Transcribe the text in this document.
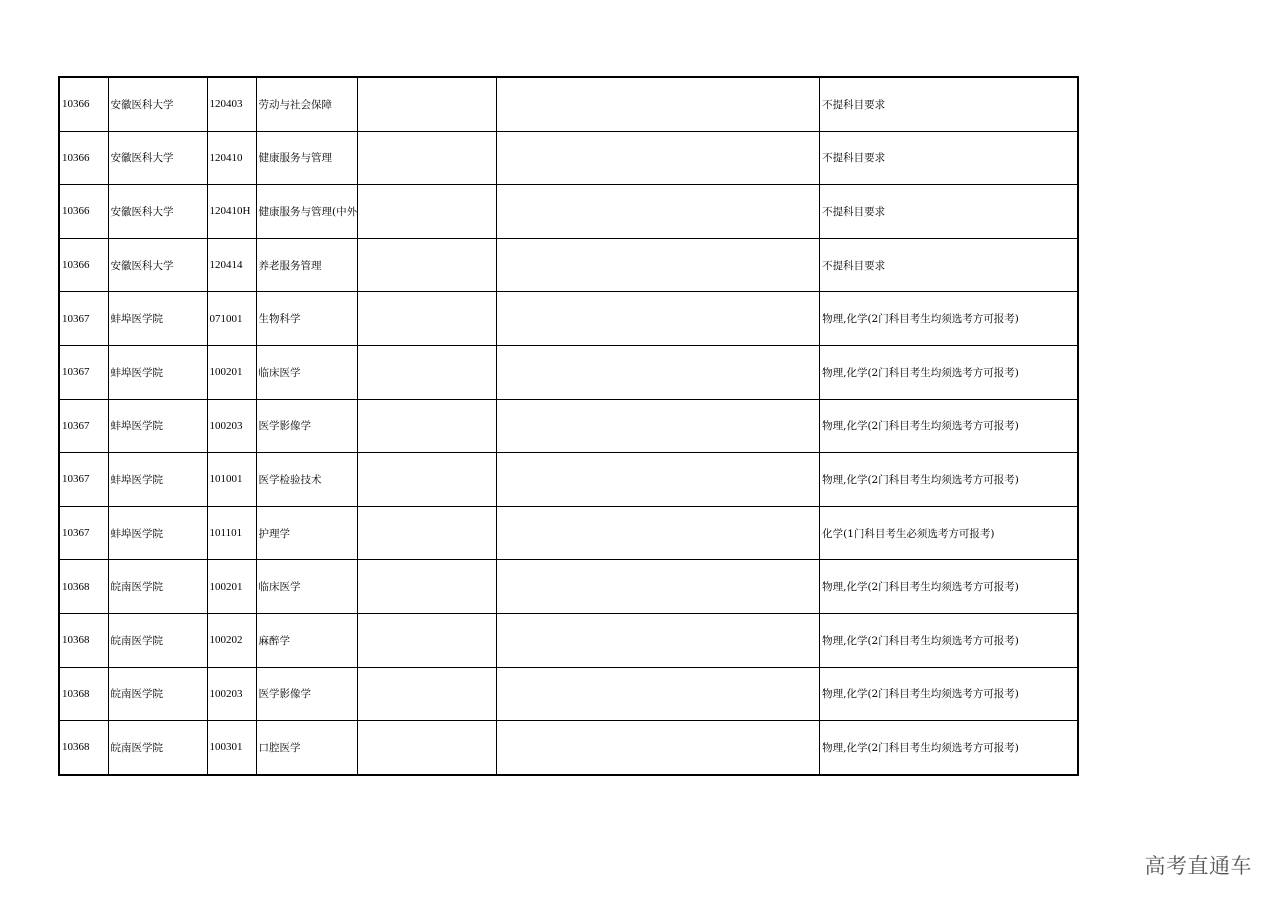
10366	安徽医科大学	120403	劳动与社会保障			不提科目要求
10366	安徽医科大学	120410	健康服务与管理			不提科目要求
10366	安徽医科大学	120410H	健康服务与管理(中外			不提科目要求
10366	安徽医科大学	120414	养老服务管理			不提科目要求
10367	蚌埠医学院	071001	生物科学			物理,化学(2门科目考生均须选考方可报考)
10367	蚌埠医学院	100201	临床医学			物理,化学(2门科目考生均须选考方可报考)
10367	蚌埠医学院	100203	医学影像学			物理,化学(2门科目考生均须选考方可报考)
10367	蚌埠医学院	101001	医学检验技术			物理,化学(2门科目考生均须选考方可报考)
10367	蚌埠医学院	101101	护理学			化学(1门科目考生必须选考方可报考)
10368	皖南医学院	100201	临床医学			物理,化学(2门科目考生均须选考方可报考)
10368	皖南医学院	100202	麻醉学			物理,化学(2门科目考生均须选考方可报考)
10368	皖南医学院	100203	医学影像学			物理,化学(2门科目考生均须选考方可报考)
10368	皖南医学院	100301	口腔医学			物理,化学(2门科目考生均须选考方可报考)
高考直通车
